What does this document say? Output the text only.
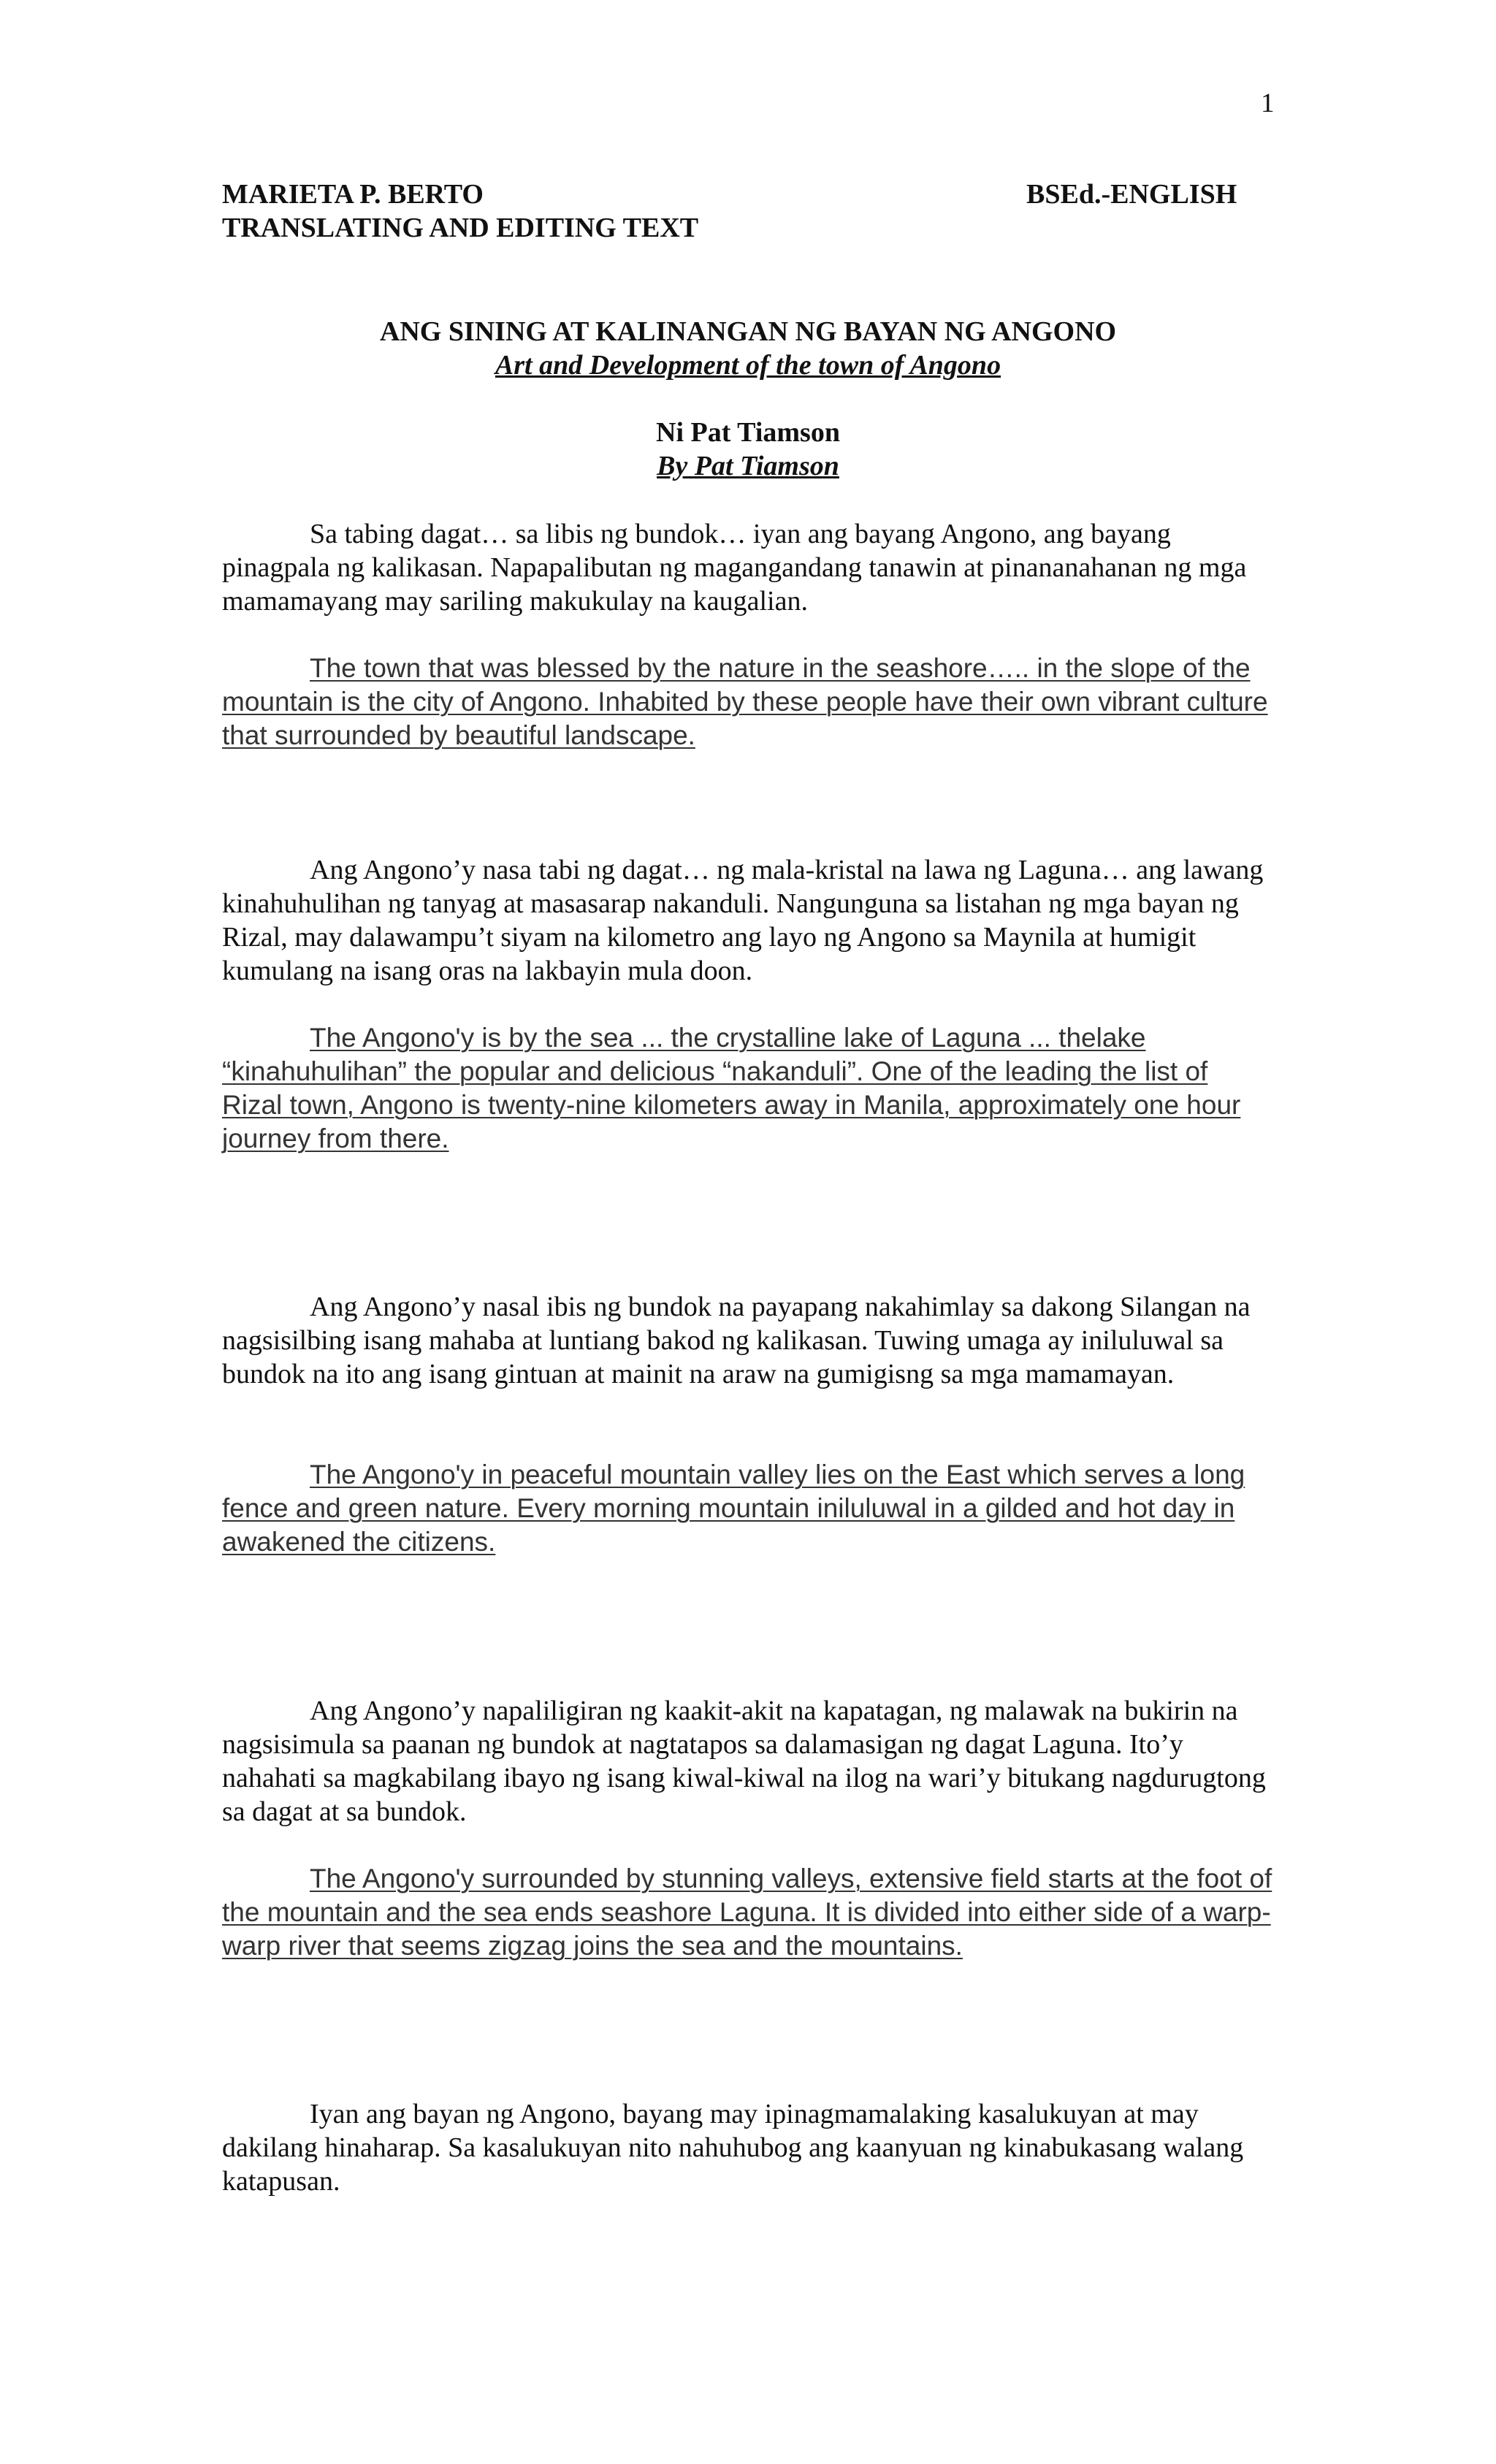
1
MARIETA P. BERTO	BSEd.-ENGLISH
TRANSLATING AND EDITING TEXT
ANG SINING AT KALINANGAN NG BAYAN NG ANGONO
Art and Development of the town of Angono
Ni Pat Tiamson
By Pat Tiamson

Sa tabing dagat… sa libis ng bundok… iyan ang bayang Angono, ang bayang pinagpala ng kalikasan. Napapalibutan ng magangandang tanawin at pinananahanan ng mga mamamayang may sariling makukulay na kaugalian.

The town that was blessed by the nature in the seashore….. in the slope of the mountain is the city of Angono. Inhabited by these people have their own vibrant culture that surrounded by beautiful landscape.

Ang Angono’y nasa tabi ng dagat… ng mala-kristal na lawa ng Laguna… ang lawang kinahuhulihan ng tanyag at masasarap nakanduli. Nangunguna sa listahan ng mga bayan ng Rizal, may dalawampu’t siyam na kilometro ang layo ng Angono sa Maynila at humigit kumulang na isang oras na lakbayin mula doon.

The Angono'y is by the sea ... the crystalline lake of Laguna ... thelake “kinahuhulihan” the popular and delicious “nakanduli”. One of the leading the list of Rizal town, Angono is twenty-nine kilometers away in Manila, approximately one hour journey from there.

Ang Angono’y nasal ibis ng bundok na payapang nakahimlay sa dakong Silangan na nagsisilbing isang mahaba at luntiang bakod ng kalikasan. Tuwing umaga ay iniluluwal sa bundok na ito ang isang gintuan at mainit na araw na gumigisng sa mga mamamayan.

The Angono'y in peaceful mountain valley lies on the East which serves a long fence and green nature. Every morning mountain iniluluwal in a gilded and hot day in awakened the citizens.

Ang Angono’y napaliligiran ng kaakit-akit na kapatagan, ng malawak na bukirin na nagsisimula sa paanan ng bundok at nagtatapos sa dalamasigan ng dagat Laguna. Ito’y nahahati sa magkabilang ibayo ng isang kiwal-kiwal na ilog na wari’y bitukang nagdurugtong sa dagat at sa bundok.

The Angono'y surrounded by stunning valleys, extensive field starts at the foot of the mountain and the sea ends seashore Laguna. It is divided into either side of a warp-warp river that seems zigzag joins the sea and the mountains.

Iyan ang bayan ng Angono, bayang may ipinagmamalaking kasalukuyan at may dakilang hinaharap. Sa kasalukuyan nito nahuhubog ang kaanyuan ng kinabukasang walang katapusan.
